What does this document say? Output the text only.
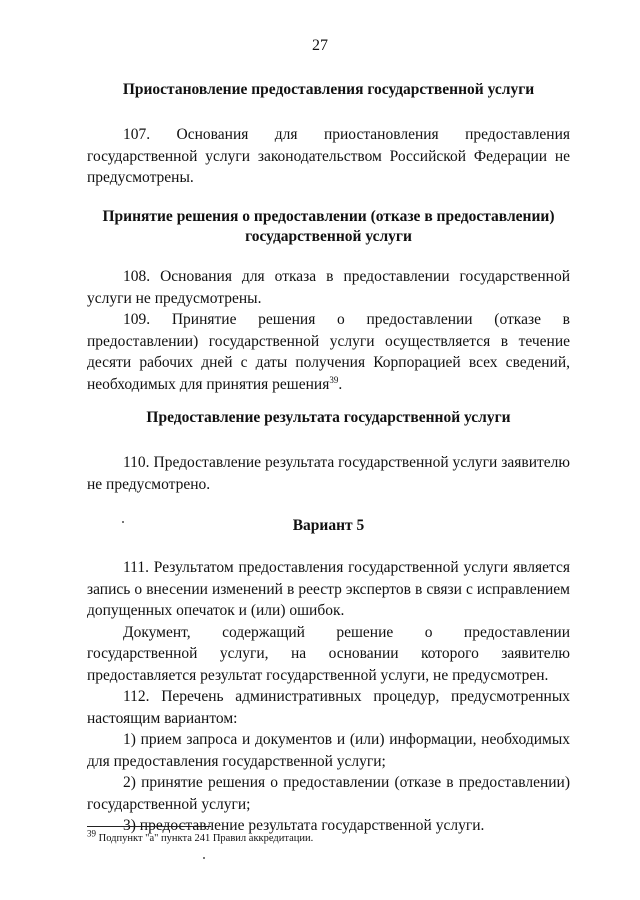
27
Приостановление предоставления государственной услуги
107. Основания для приостановления предоставления
государственной услуги законодательством Российской Федерации не предусмотрены.
Принятие решения о предоставлении (отказе в предоставлении)
государственной услуги
108. Основания для отказа в предоставлении государственной услуги не предусмотрены.
109. Принятие решения о предоставлении (отказе в предоставлении) государственной услуги осуществляется в течение десяти рабочих дней с даты получения Корпорацией всех сведений, необходимых для принятия решения$^{39}$.
Предоставление результата государственной услуги
110. Предоставление результата государственной услуги заявителю не предусмотрено.
Вариант 5
111. Результатом предоставления государственной услуги является запись о внесении изменений в реестр экспертов в связи с исправлением допущенных опечаток и (или) ошибок.
Документ, содержащий решение о предоставлении государственной услуги, на основании которого заявителю предоставляется результат государственной услуги, не предусмотрен.
112. Перечень административных процедур, предусмотренных
настоящим вариантом:
1) прием запроса и документов и (или) информации, необходимых для предоставления государственной услуги;
2) принятие решения о предоставлении (отказе в предоставлении) государственной услуги;
3) предоставление результата государственной услуги.
$^{39}$ Подпункт "а" пункта 241 Правил аккредитации.
